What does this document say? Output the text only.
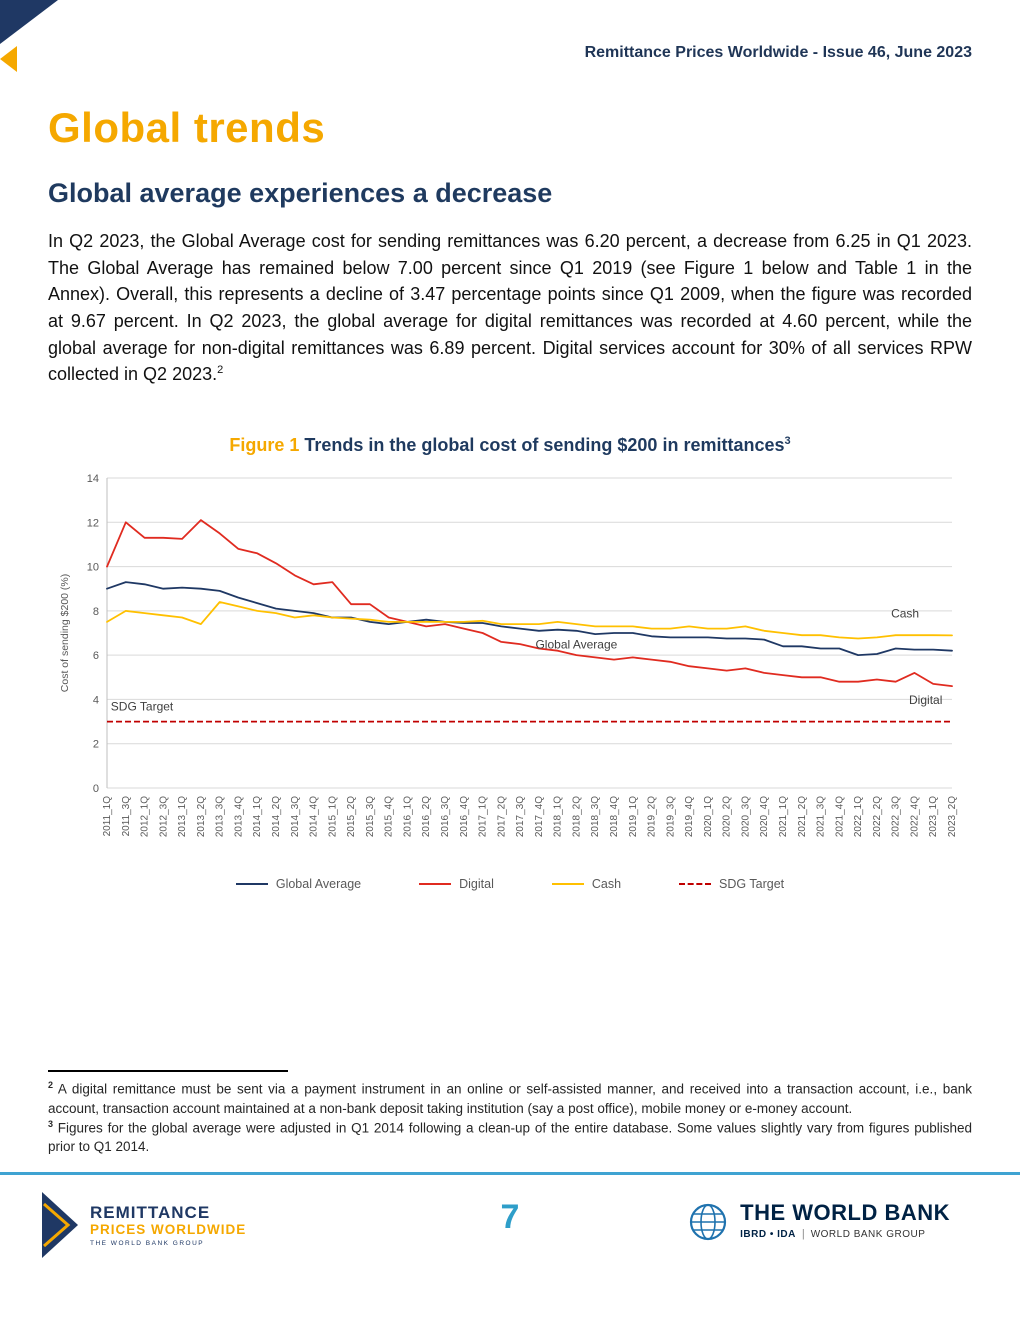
Remittance Prices Worldwide - Issue 46, June 2023
Global trends
Global average experiences a decrease

In Q2 2023, the Global Average cost for sending remittances was 6.20 percent, a decrease from 6.25 in Q1 2023. The Global Average has remained below 7.00 percent since Q1 2019 (see Figure 1 below and Table 1 in the Annex). Overall, this represents a decline of 3.47 percentage points since Q1 2009, when the figure was recorded at 9.67 percent. In Q2 2023, the global average for digital remittances was recorded at 4.60 percent, while the global average for non-digital remittances was 6.89 percent. Digital services account for 30% of all services RPW collected in Q2 2023.$^2$

Figure 1 Trends in the global cost of sending $200 in remittances$^3$
0
2
4
6
8
10
12
14
2011_1Q 2011_3Q 2012_1Q 2012_3Q 2013_1Q 2013_2Q 2013_3Q 2013_4Q 2014_1Q 2014_2Q 2014_3Q 2014_4Q 2015_1Q 2015_2Q 2015_3Q 2015_4Q 2016_1Q 2016_2Q 2016_3Q 2016_4Q 2017_1Q 2017_2Q 2017_3Q 2017_4Q 2018_1Q 2018_2Q 2018_3Q 2018_4Q 2019_1Q 2019_2Q 2019_3Q 2019_4Q 2020_1Q 2020_2Q 2020_3Q 2020_4Q 2021_1Q 2021_2Q 2021_3Q 2021_4Q 2022_1Q 2022_2Q 2022_3Q 2022_4Q 2023_1Q 2023_2Q
SDG Target
Global Average
Cash
Digital
Cost of sending $200 (%)
Global Average	Digital	Cash	SDG Target

$^2$ A digital remittance must be sent via a payment instrument in an online or self-assisted manner, and received into a transaction account, i.e., bank account, transaction account maintained at a non-bank deposit taking institution (say a post office), mobile money or e-money account.

$^3$ Figures for the global average were adjusted in Q1 2014 following a clean-up of the entire database. Some values slightly vary from figures published prior to Q1 2014.

REMITTANCE
PRICES WORLDWIDE
THE WORLD BANK GROUP
7	THE WORLD BANK
IBRD • IDA | WORLD BANK GROUP
